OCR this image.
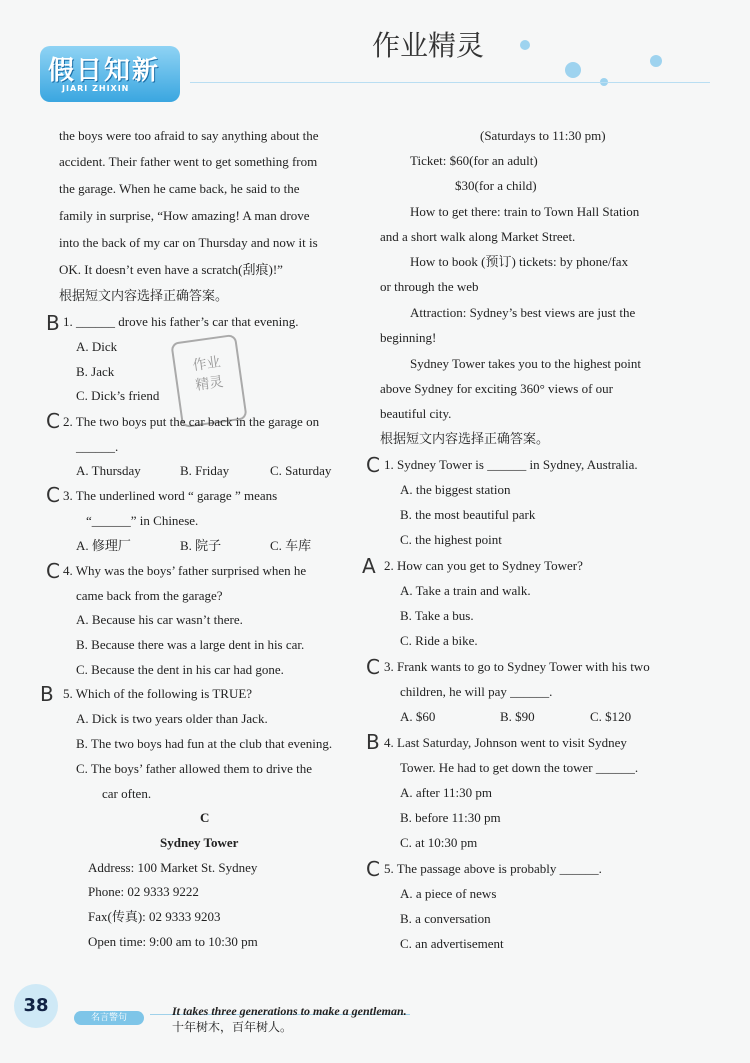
假日知新
JIARI ZHIXIN
作业精灵
the boys were too afraid to say anything about the
accident. Their father went to get something from
the garage. When he came back, he said to the
family in surprise, “How amazing! A man drove
into the back of my car on Thursday and now it is
OK. It doesn’t even have a scratch(刮痕)!”
根据短文内容选择正确答案。
B 1. ______ drove his father’s car that evening.
A. Dick
B. Jack
C. Dick’s friend
作业
精灵
C 2. The two boys put the car back in the garage on
______.
A. Thursday	B. Friday	C. Saturday
C 3. The underlined word “ garage ” means
“______” in Chinese.
A. 修理厂	B. 院子	C. 车库
C 4. Why was the boys’ father surprised when he
came back from the garage?
A. Because his car wasn’t there.
B. Because there was a large dent in his car.
C. Because the dent in his car had gone.
B 5. Which of the following is TRUE?
A. Dick is two years older than Jack.
B. The two boys had fun at the club that evening.
C. The boys’ father allowed them to drive the
car often.
C
Sydney Tower
Address: 100 Market St. Sydney
Phone: 02 9333 9222
Fax(传真): 02 9333 9203
Open time: 9:00 am to 10:30 pm
(Saturdays to 11:30 pm)
Ticket: $60(for an adult)
$30(for a child)
How to get there: train to Town Hall Station
and a short walk along Market Street.
How to book (预订) tickets: by phone/fax
or through the web
Attraction: Sydney’s best views are just the
beginning!
Sydney Tower takes you to the highest point
above Sydney for exciting 360° views of our
beautiful city.
根据短文内容选择正确答案。
C 1. Sydney Tower is ______ in Sydney, Australia.
A. the biggest station
B. the most beautiful park
C. the highest point
A 2. How can you get to Sydney Tower?
A. Take a train and walk.
B. Take a bus.
C. Ride a bike.
C 3. Frank wants to go to Sydney Tower with his two
children, he will pay ______.
A. $60	B. $90	C. $120
B 4. Last Saturday, Johnson went to visit Sydney
Tower. He had to get down the tower ______.
A. after 11:30 pm
B. before 11:30 pm
C. at 10:30 pm
C 5. The passage above is probably ______.
A. a piece of news
B. a conversation
C. an advertisement
38
名言警句	It takes three generations to make a gentleman.
十年树木，百年树人。
